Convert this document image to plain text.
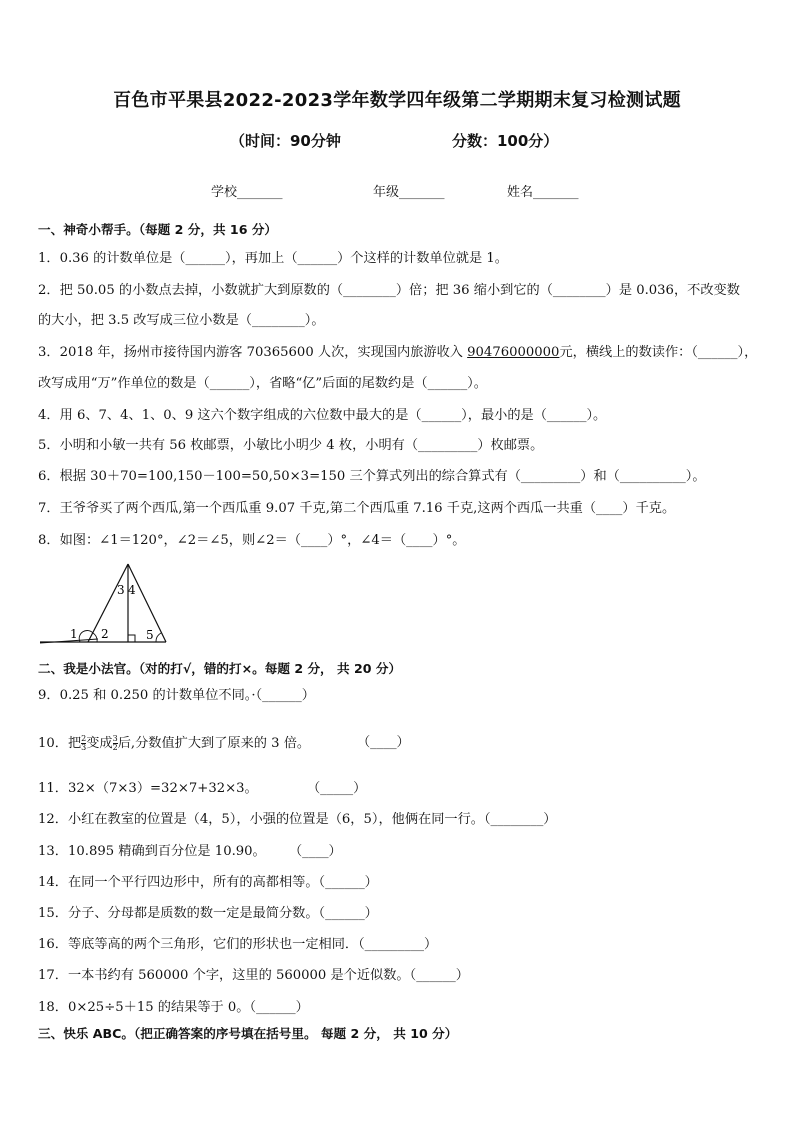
百色市平果县2022-2023学年数学四年级第二学期期末复习检测试题
（时间：90分钟	分数：100分）
学校_______	年级_______	姓名_______
一、神奇小帮手。（每题 2 分，共 16 分）
1．0.36 的计数单位是（______），再加上（______）个这样的计数单位就是 1。
2．把 50.05 的小数点去掉，小数就扩大到原数的（________）倍；把 36 缩小到它的（________）是 0.036，不改变数
的大小，把 3.5 改写成三位小数是（________）。
3．2018 年，扬州市接待国内游客 70365600 人次，实现国内旅游收入 90476000000元，横线上的数读作：（______），
改写成用“万”作单位的数是（______），省略“亿”后面的尾数约是（______）。
4．用 6、7、4、1、0、9 这六个数字组成的六位数中最大的是（______），最小的是（______）。
5．小明和小敏一共有 56 枚邮票，小敏比小明少 4 枚，小明有（_________）枚邮票。
6．根据 30＋70=100,150－100=50,50×3=150 三个算式列出的综合算式有（_________）和（__________）。
7．王爷爷买了两个西瓜,第一个西瓜重 9.07 千克,第二个西瓜重 7.16 千克,这两个西瓜一共重（____）千克。
8．如图：∠1＝120°，∠2＝∠5，则∠2＝（____）°，∠4＝（____）°。
1 2
3 4
5
二、我是小法官。（对的打√，错的打×。每题 2 分， 共 20 分）
9．0.25 和 0.250 的计数单位不同。·（______）
10．把 $\frac{2}{3}$ 变成 $\frac{3}{2}$ 后,分数值扩大到了原来的 3 倍。	（____）
11．32×（7×3）=32×7+32×3。	（_____）
12．小红在教室的位置是（4，5），小强的位置是（6，5），他俩在同一行。（________）
13．10.895 精确到百分位是 10.90。 （____）
14．在同一个平行四边形中，所有的高都相等。（______）
15．分子、分母都是质数的数一定是最简分数。（______）
16．等底等高的两个三角形，它们的形状也一定相同．（_________）
17．一本书约有 560000 个字，这里的 560000 是个近似数。（______）
18．0×25÷5＋15 的结果等于 0。（______）
三、快乐 ABC。（把正确答案的序号填在括号里。 每题 2 分， 共 10 分）
